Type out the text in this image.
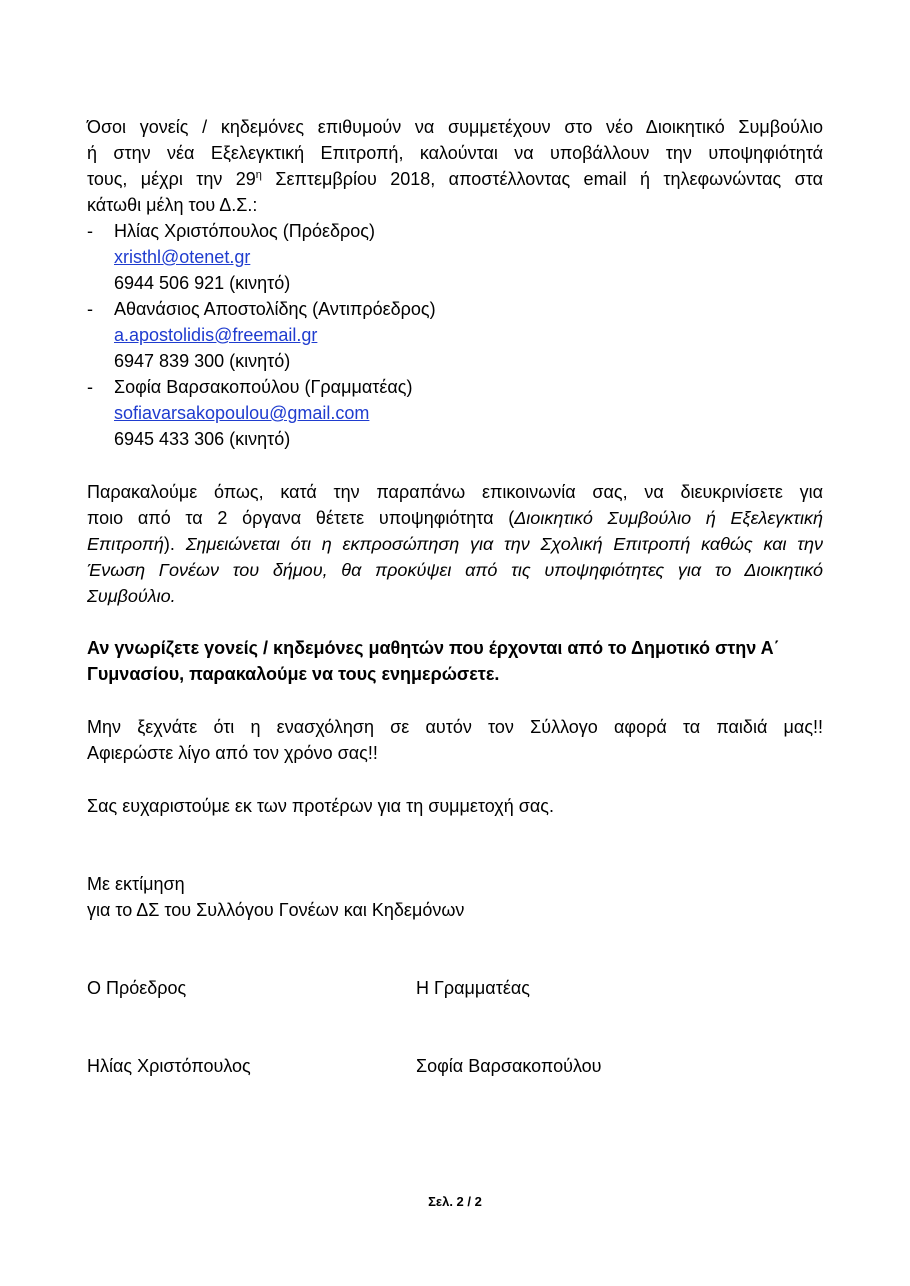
Όσοι γονείς / κηδεμόνες επιθυμούν να συμμετέχουν στο νέο Διοικητικό Συμβούλιο
ή στην νέα Εξελεγκτική Επιτροπή, καλούνται να υποβάλλουν την υποψηφιότητά
τους, μέχρι την $29^\eta$ Σεπτεμβρίου 2018, αποστέλλοντας email ή τηλεφωνώντας στα
κάτωθι μέλη του Δ.Σ.:
- Ηλίας Χριστόπουλος (Πρόεδρος)
xristhl@otenet.gr
6944 506 921 (κινητό)
- Αθανάσιος Αποστολίδης (Αντιπρόεδρος)
a.apostolidis@freemail.gr
6947 839 300 (κινητό)
- Σοφία Βαρσακοπούλου (Γραμματέας)
sofiavarsakopoulou@gmail.com
6945 433 306 (κινητό)
Παρακαλούμε όπως, κατά την παραπάνω επικοινωνία σας, να διευκρινίσετε για
ποιο από τα 2 όργανα θέτετε υποψηφιότητα (Διοικητικό Συμβούλιο ή Εξελεγκτική
Επιτροπή). Σημειώνεται ότι η εκπροσώπηση για την Σχολική Επιτροπή καθώς και την
Ένωση Γονέων του δήμου, θα προκύψει από τις υποψηφιότητες για το Διοικητικό
Συμβούλιο.
Αν γνωρίζετε γονείς / κηδεμόνες μαθητών που έρχονται από το Δημοτικό στην Α΄
Γυμνασίου, παρακαλούμε να τους ενημερώσετε.
Μην ξεχνάτε ότι η ενασχόληση σε αυτόν τον Σύλλογο αφορά τα παιδιά μας!!
Αφιερώστε λίγο από τον χρόνο σας!!
Σας ευχαριστούμε εκ των προτέρων για τη συμμετοχή σας.
Με εκτίμηση
για το ΔΣ του Συλλόγου Γονέων και Κηδεμόνων
Ο Πρόεδρος	Η Γραμματέας
Ηλίας Χριστόπουλος	Σοφία Βαρσακοπούλου
Σελ. 2 / 2
